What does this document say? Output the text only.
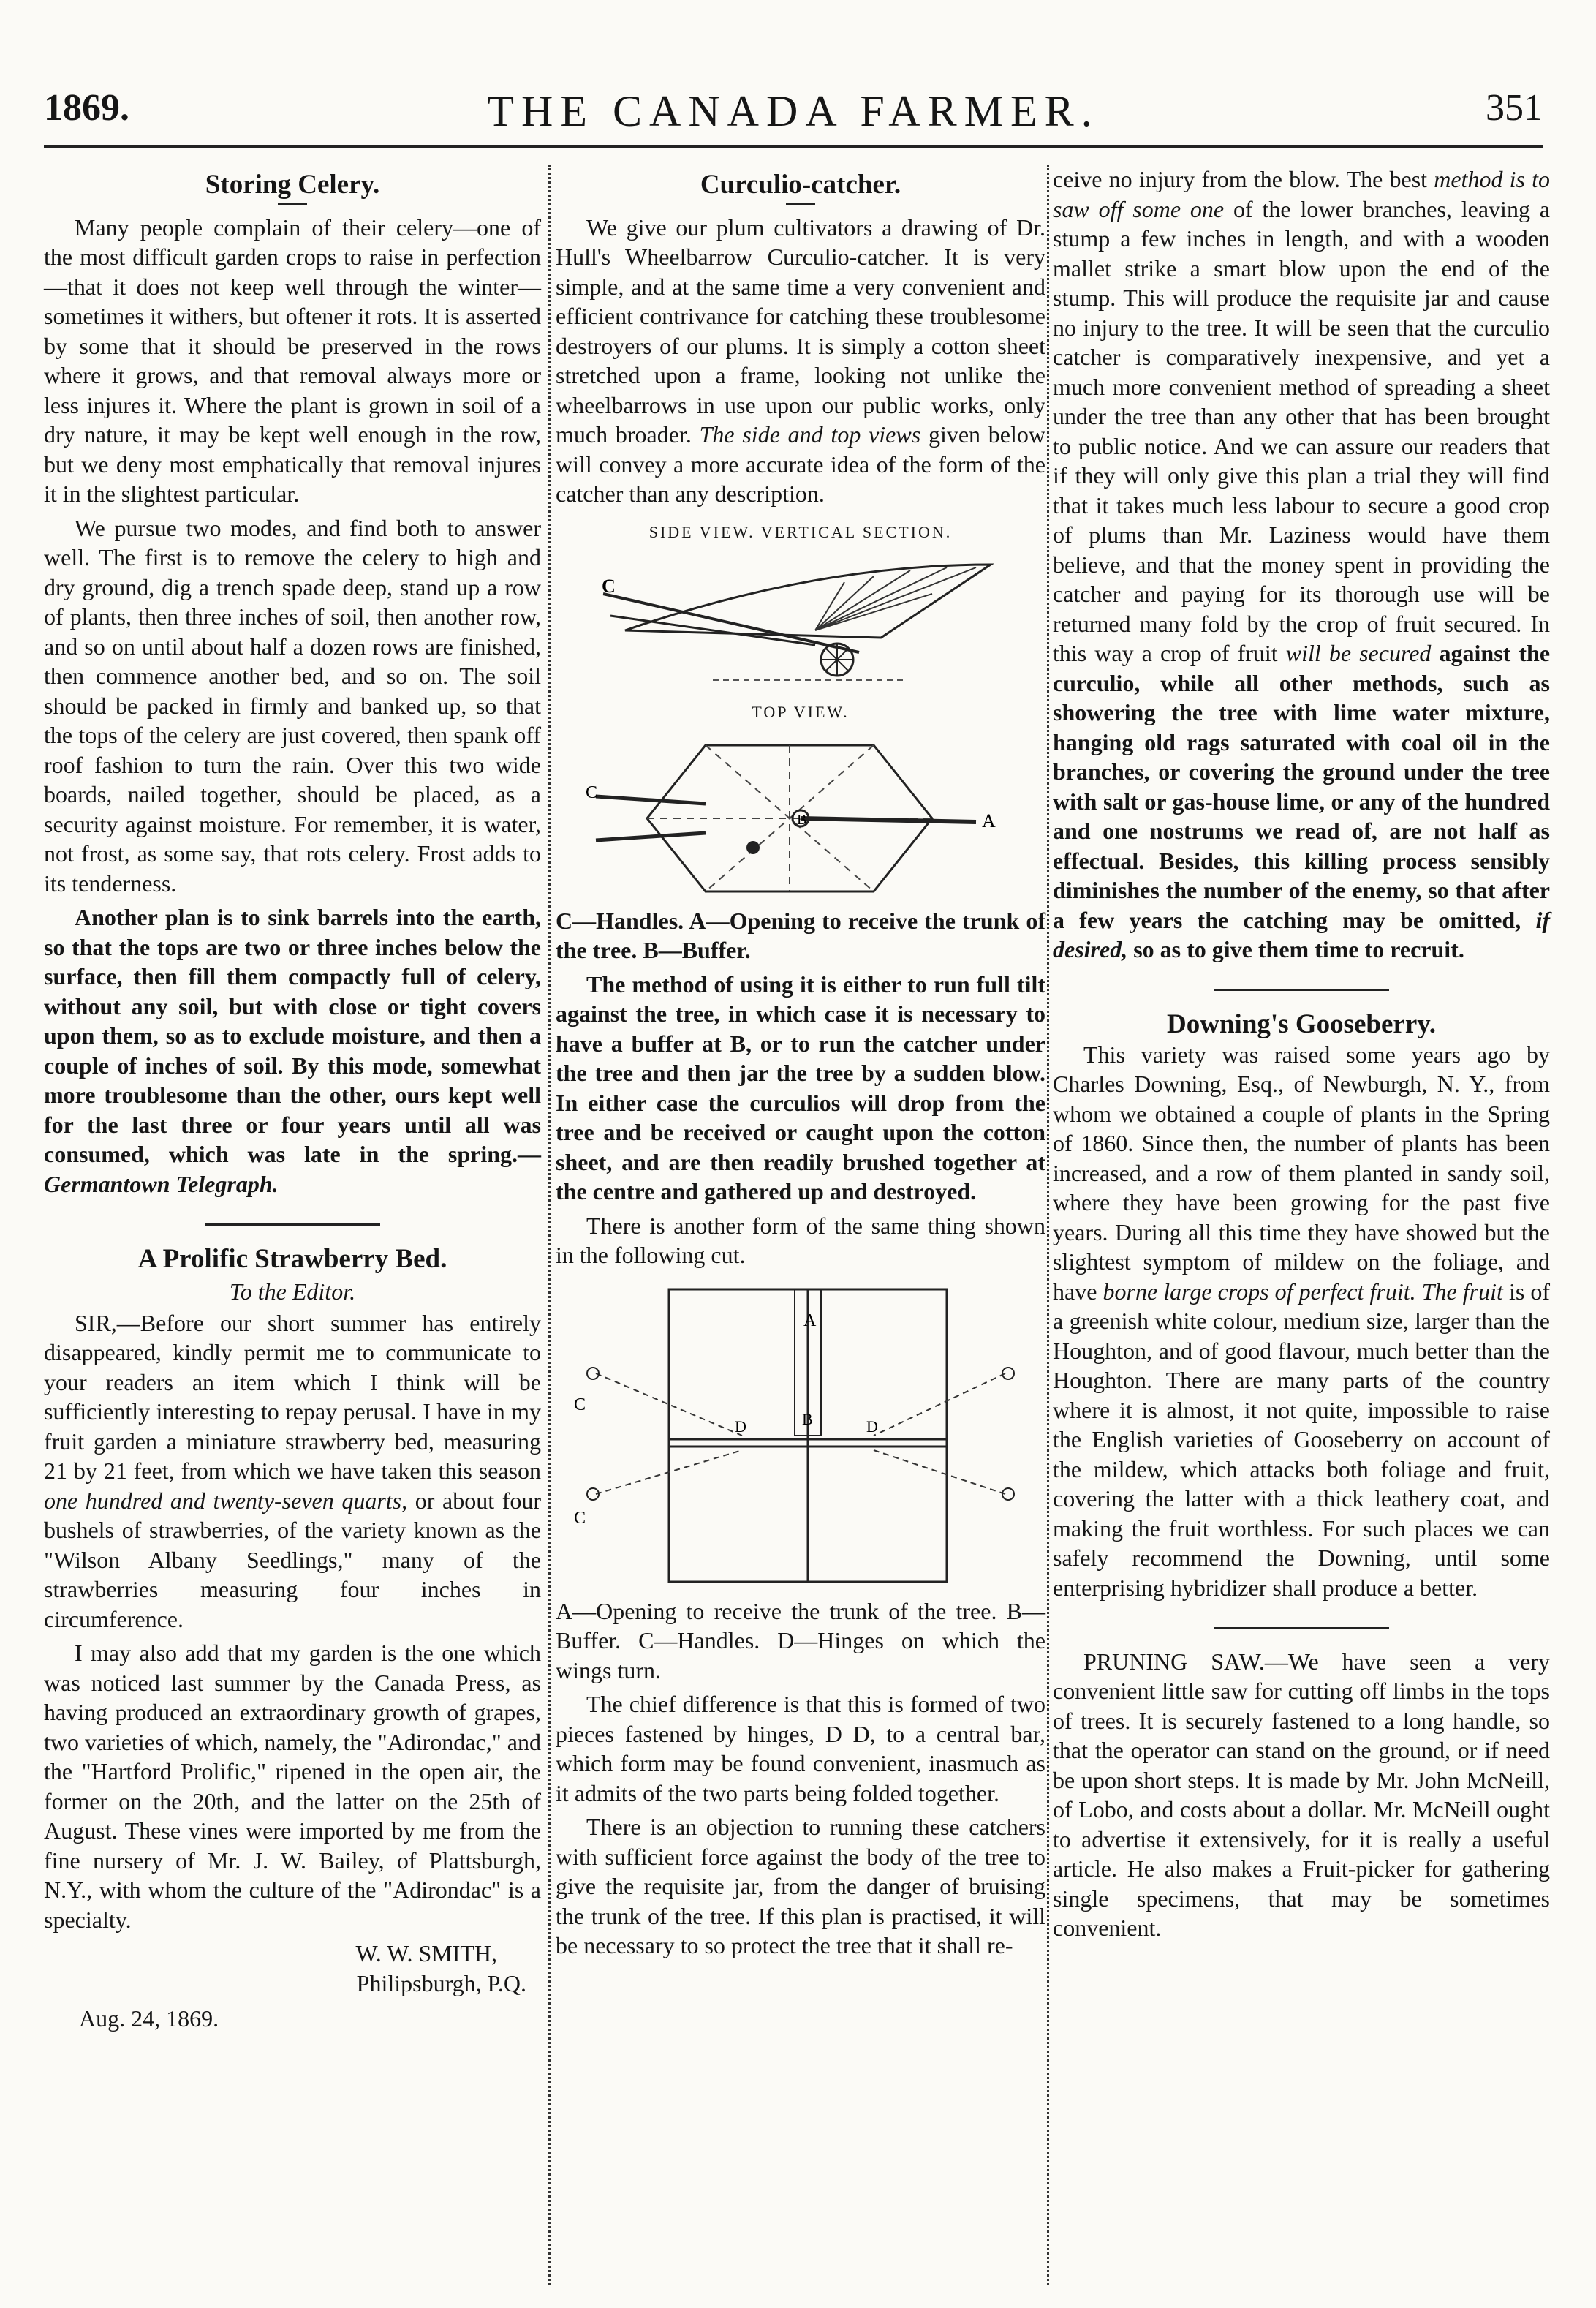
1869.	THE CANADA FARMER.	351
Storing Celery.

Many people complain of their celery—one of the most difficult garden crops to raise in perfection—that it does not keep well through the winter—sometimes it withers, but oftener it rots. It is asserted by some that it should be preserved in the rows where it grows, and that removal always more or less injures it. Where the plant is grown in soil of a dry nature, it may be kept well enough in the row, but we deny most emphatically that removal injures it in the slightest particular.

We pursue two modes, and find both to answer well. The first is to remove the celery to high and dry ground, dig a trench spade deep, stand up a row of plants, then three inches of soil, then another row, and so on until about half a dozen rows are finished, then commence another bed, and so on. The soil should be packed in firmly and banked up, so that the tops of the celery are just covered, then spank off roof fashion to turn the rain. Over this two wide boards, nailed together, should be placed, as a security against moisture. For remember, it is water, not frost, as some say, that rots celery. Frost adds to its tenderness.

Another plan is to sink barrels into the earth, so that the tops are two or three inches below the surface, then fill them compactly full of celery, without any soil, but with close or tight covers upon them, so as to exclude moisture, and then a couple of inches of soil. By this mode, somewhat more troublesome than the other, ours kept well for the last three or four years until all was consumed, which was late in the spring.—Germantown Telegraph.

A Prolific Strawberry Bed.
To the Editor.

SIR,—Before our short summer has entirely disappeared, kindly permit me to communicate to your readers an item which I think will be sufficiently interesting to repay perusal. I have in my fruit garden a miniature strawberry bed, measuring 21 by 21 feet, from which we have taken this season one hundred and twenty-seven quarts, or about four bushels of strawberries, of the variety known as the "Wilson Albany Seedlings," many of the strawberries measuring four inches in circumference.

I may also add that my garden is the one which was noticed last summer by the Canada Press, as having produced an extraordinary growth of grapes, two varieties of which, namely, the "Adirondac," and the "Hartford Prolific," ripened in the open air, the former on the 20th, and the latter on the 25th of August. These vines were imported by me from the fine nursery of Mr. J. W. Bailey, of Plattsburgh, N.Y., with whom the culture of the "Adirondac" is a specialty.

W. W. SMITH,
Philipsburgh, P.Q.
Aug. 24, 1869.
Curculio-catcher.

We give our plum cultivators a drawing of Dr. Hull's Wheelbarrow Curculio-catcher. It is very simple, and at the same time a very convenient and efficient contrivance for catching these troublesome destroyers of our plums. It is simply a cotton sheet stretched upon a frame, looking not unlike the wheelbarrows in use upon our public works, only much broader. The side and top views given below will convey a more accurate idea of the form of the catcher than any description.

SIDE VIEW. VERTICAL SECTION.
C
TOP VIEW.
C
B	A

C—Handles. A—Opening to receive the trunk of the tree. B—Buffer.

The method of using it is either to run full tilt against the tree, in which case it is necessary to have a buffer at B, or to run the catcher under the tree and then jar the tree by a sudden blow. In either case the curculios will drop from the tree and be received or caught upon the cotton sheet, and are then readily brushed together at the centre and gathered up and destroyed.

There is another form of the same thing shown in the following cut.

A
B
C
C
D	D

A—Opening to receive the trunk of the tree. B—Buffer. C—Handles. D—Hinges on which the wings turn.

The chief difference is that this is formed of two pieces fastened by hinges, D D, to a central bar, which form may be found convenient, inasmuch as it admits of the two parts being folded together.

There is an objection to running these catchers with sufficient force against the body of the tree to give the requisite jar, from the danger of bruising the trunk of the tree. If this plan is practised, it will be necessary to so protect the tree that it shall re-

ceive no injury from the blow. The best method is to saw off some one of the lower branches, leaving a stump a few inches in length, and with a wooden mallet strike a smart blow upon the end of the stump. This will produce the requisite jar and cause no injury to the tree. It will be seen that the curculio catcher is comparatively inexpensive, and yet a much more convenient method of spreading a sheet under the tree than any other that has been brought to public notice. And we can assure our readers that if they will only give this plan a trial they will find that it takes much less labour to secure a good crop of plums than Mr. Laziness would have them believe, and that the money spent in providing the catcher and paying for its thorough use will be returned many fold by the crop of fruit secured. In this way a crop of fruit will be secured against the curculio, while all other methods, such as showering the tree with lime water mixture, hanging old rags saturated with coal oil in the branches, or covering the ground under the tree with salt or gas-house lime, or any of the hundred and one nostrums we read of, are not half as effectual. Besides, this killing process sensibly diminishes the number of the enemy, so that after a few years the catching may be omitted, if desired, so as to give them time to recruit.

Downing's Gooseberry.

This variety was raised some years ago by Charles Downing, Esq., of Newburgh, N. Y., from whom we obtained a couple of plants in the Spring of 1860. Since then, the number of plants has been increased, and a row of them planted in sandy soil, where they have been growing for the past five years. During all this time they have showed but the slightest symptom of mildew on the foliage, and have borne large crops of perfect fruit. The fruit is of a greenish white colour, medium size, larger than the Houghton, and of good flavour, much better than the Houghton. There are many parts of the country where it is almost, it not quite, impossible to raise the English varieties of Gooseberry on account of the mildew, which attacks both foliage and fruit, covering the latter with a thick leathery coat, and making the fruit worthless. For such places we can safely recommend the Downing, until some enterprising hybridizer shall produce a better.

PRUNING SAW.—We have seen a very convenient little saw for cutting off limbs in the tops of trees. It is securely fastened to a long handle, so that the operator can stand on the ground, or if need be upon short steps. It is made by Mr. John McNeill, of Lobo, and costs about a dollar. Mr. McNeill ought to advertise it extensively, for it is really a useful article. He also makes a Fruit-picker for gathering single specimens, that may be sometimes convenient.
